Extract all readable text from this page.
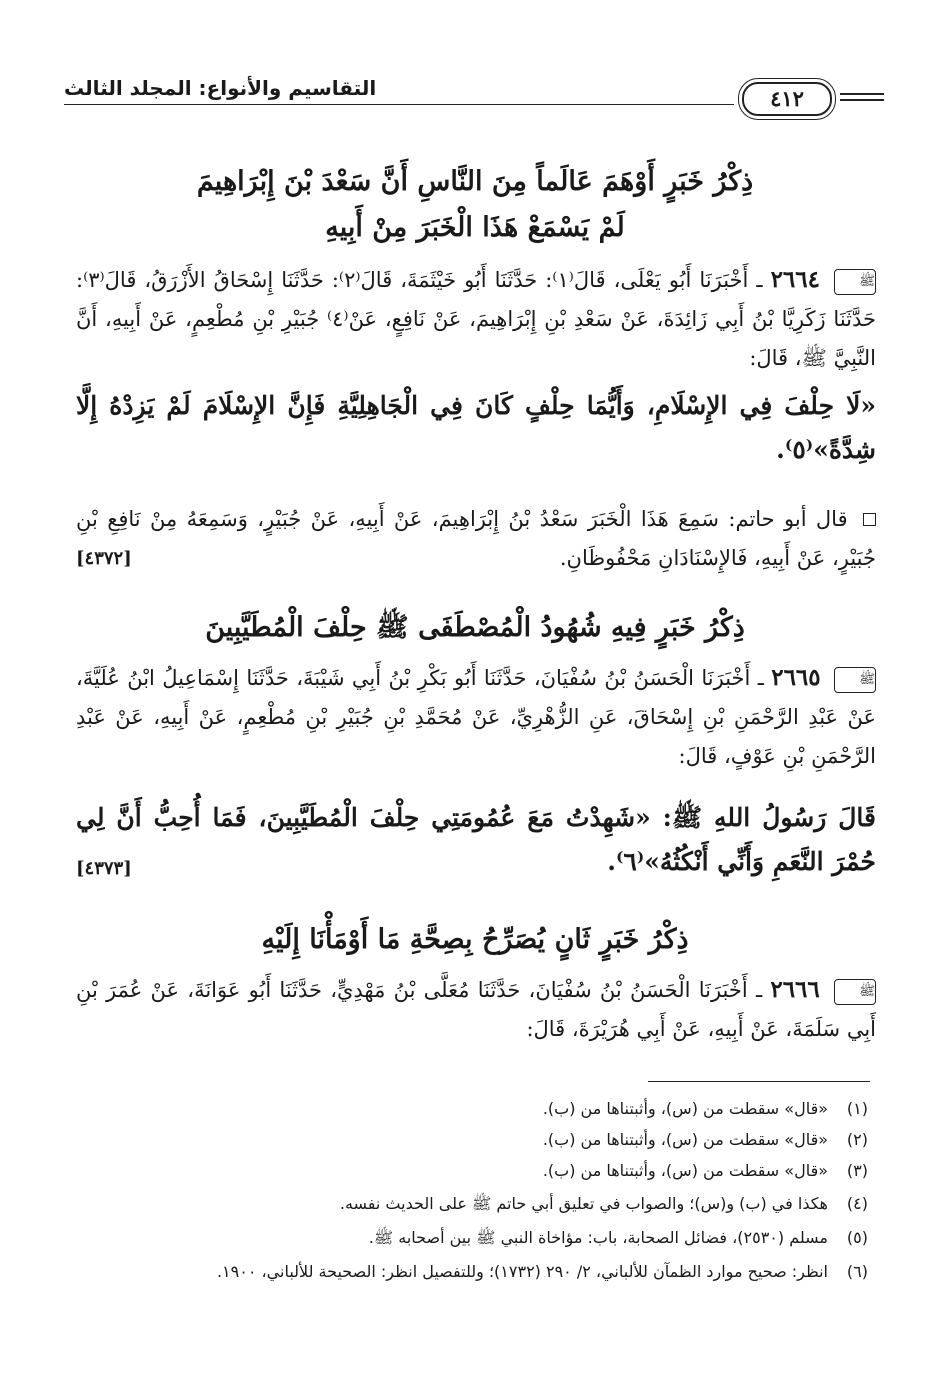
التقاسيم والأنواع: المجلد الثالث	٤١٢
ذِكْرُ خَبَرٍ أَوْهَمَ عَالَماً مِنَ النَّاسِ أَنَّ سَعْدَ بْنَ إِبْرَاهِيمَ
لَمْ يَسْمَعْ هَذَا الْخَبَرَ مِنْ أَبِيهِ
ﷺ ٢٦٦٤ ـ أَخْبَرَنَا أَبُو يَعْلَى، قَالَ⁽١⁾: حَدَّثَنَا أَبُو خَيْثَمَةَ، قَالَ⁽٢⁾: حَدَّثَنَا إِسْحَاقُ الأَزْرَقُ، قَالَ⁽٣⁾: حَدَّثَنَا زَكَرِيَّا بْنُ أَبِي زَائِدَةَ، عَنْ سَعْدِ بْنِ إِبْرَاهِيمَ، عَنْ نَافِعٍ، عَنْ⁽٤⁾ جُبَيْرِ بْنِ مُطْعِمٍ، عَنْ أَبِيهِ، أَنَّ النَّبِيَّ ﷺ، قَالَ:
«لَا حِلْفَ فِي الإِسْلَامِ، وَأَيُّمَا حِلْفٍ كَانَ فِي الْجَاهِلِيَّةِ فَإِنَّ الإِسْلَامَ لَمْ يَزِدْهُ إِلَّا شِدَّةً»⁽٥⁾.
قال أبو حاتم: سَمِعَ هَذَا الْخَبَرَ سَعْدُ بْنُ إِبْرَاهِيمَ، عَنْ أَبِيهِ، عَنْ جُبَيْرٍ، وَسَمِعَهُ مِنْ نَافِعِ بْنِ جُبَيْرٍ، عَنْ أَبِيهِ، فَالإِسْنَادَانِ مَحْفُوظَانِ.
[٤٣٧٢]
ذِكْرُ خَبَرٍ فِيهِ شُهُودُ الْمُصْطَفَى ﷺ حِلْفَ الْمُطَيَّبِينَ
ﷺ ٢٦٦٥ ـ أَخْبَرَنَا الْحَسَنُ بْنُ سُفْيَانَ، حَدَّثَنَا أَبُو بَكْرِ بْنُ أَبِي شَيْبَةَ، حَدَّثَنَا إِسْمَاعِيلُ ابْنُ عُلَيَّةَ، عَنْ عَبْدِ الرَّحْمَنِ بْنِ إِسْحَاقَ، عَنِ الزُّهْرِيِّ، عَنْ مُحَمَّدِ بْنِ جُبَيْرِ بْنِ مُطْعِمٍ، عَنْ أَبِيهِ، عَنْ عَبْدِ الرَّحْمَنِ بْنِ عَوْفٍ، قَالَ:
قَالَ رَسُولُ اللهِ ﷺ: «شَهِدْتُ مَعَ عُمُومَتِي حِلْفَ الْمُطَيَّبِينَ، فَمَا أُحِبُّ أَنَّ لِي حُمْرَ النَّعَمِ وَأَنِّي أَنْكُثُهُ»⁽٦⁾.
[٤٣٧٣]
ذِكْرُ خَبَرٍ ثَانٍ يُصَرِّحُ بِصِحَّةِ مَا أَوْمَأْنَا إِلَيْهِ
ﷺ ٢٦٦٦ ـ أَخْبَرَنَا الْحَسَنُ بْنُ سُفْيَانَ، حَدَّثَنَا مُعَلَّى بْنُ مَهْدِيٍّ، حَدَّثَنَا أَبُو عَوَانَةَ، عَنْ عُمَرَ بْنِ أَبِي سَلَمَةَ، عَنْ أَبِيهِ، عَنْ أَبِي هُرَيْرَةَ، قَالَ:
(١)«قال» سقطت من (س)، وأثبتناها من (ب).
(٢)«قال» سقطت من (س)، وأثبتناها من (ب).
(٣)«قال» سقطت من (س)، وأثبتناها من (ب).
(٤)هكذا في (ب) و(س)؛ والصواب في تعليق أبي حاتم ﷺ على الحديث نفسه.
(٥)مسلم (٢٥٣٠)، فضائل الصحابة، باب: مؤاخاة النبي ﷺ بين أصحابه ﷺ.
(٦)انظر: صحيح موارد الظمآن للألباني، ٢/ ٢٩٠ (١٧٣٢)؛ وللتفصيل انظر: الصحيحة للألباني، ١٩٠٠.
